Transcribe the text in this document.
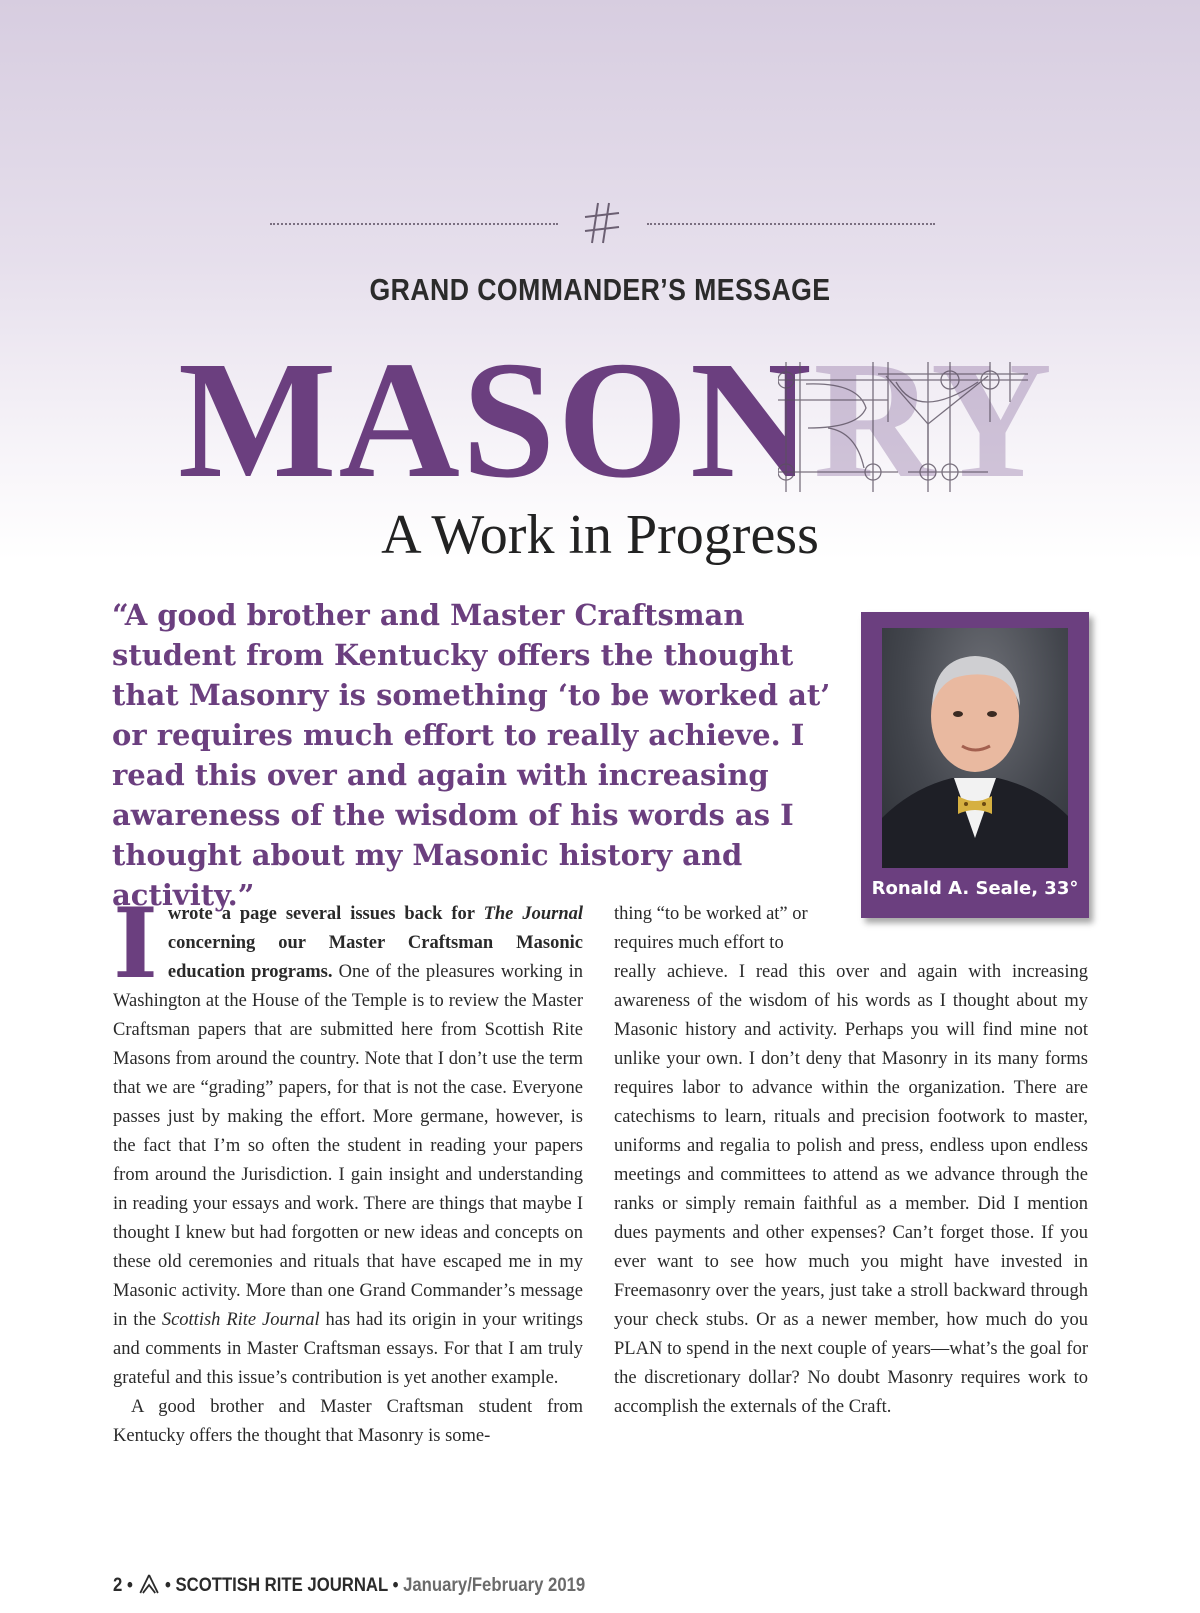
GRAND COMMANDER’S MESSAGE
MASONRY
A Work in Progress

“A good brother and Master Craftsman student from Kentucky offers the thought that Masonry is something ‘to be worked at’ or requires much effort to really achieve. I read this over and again with increasing awareness of the wisdom of his words as I thought about my Masonic history and activity.”	Ronald A. Seale, 33°

Iwrote a page several issues back for The Journal concerning our Master Craftsman Masonic education programs. One of the pleasures working in Washington at the House of the Temple is to review the Master Craftsman papers that are submitted here from Scottish Rite Masons from around the country. Note that I don’t use the term that we are “grading” papers, for that is not the case. Everyone passes just by making the effort. More germane, however, is the fact that I’m so often the student in reading your papers from around the Jurisdiction. I gain insight and understanding in reading your essays and work. There are things that maybe I thought I knew but had forgotten or new ideas and concepts on these old ceremonies and rituals that have escaped me in my Masonic activity. More than one Grand Commander’s message in the Scottish Rite Journal has had its origin in your writings and comments in Master Craftsman essays. For that I am truly grateful and this issue’s contribution is yet another example.

A good brother and Master Craftsman student from Kentucky offers the thought that Masonry is some-

thing “to be worked at” or requires much effort to

really achieve. I read this over and again with increasing awareness of the wisdom of his words as I thought about my Masonic history and activity. Perhaps you will find mine not unlike your own. I don’t deny that Masonry in its many forms requires labor to advance within the organization. There are catechisms to learn, rituals and precision footwork to master, uniforms and regalia to polish and press, endless upon endless meetings and committees to attend as we advance through the ranks or simply remain faithful as a member. Did I mention dues payments and other expenses? Can’t forget those. If you ever want to see how much you might have invested in Freemasonry over the years, just take a stroll backward through your check stubs. Or as a newer member, how much do you PLAN to spend in the next couple of years—what’s the goal for the discretionary dollar? No doubt Masonry requires work to accomplish the externals of the Craft.

2 • • SCOTTISH RITE JOURNAL • January/February 2019
